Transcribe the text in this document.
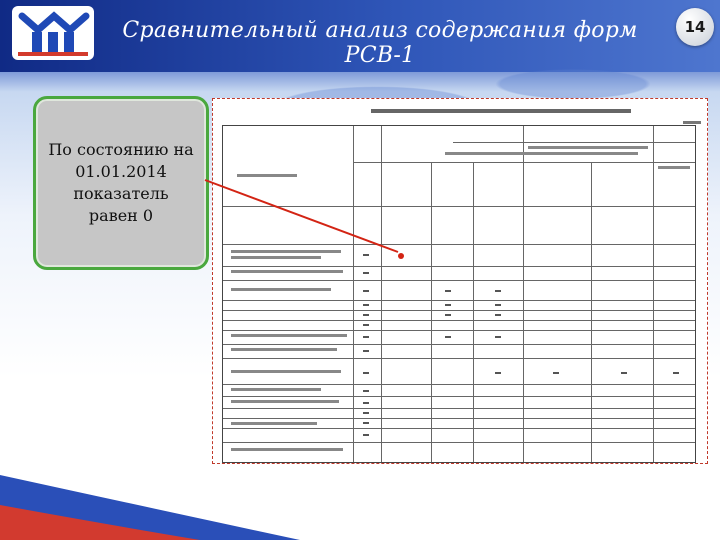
Сравнительный анализ содержания форм РСВ-1
14
По состоянию на 01.01.2014 показатель равен 0
